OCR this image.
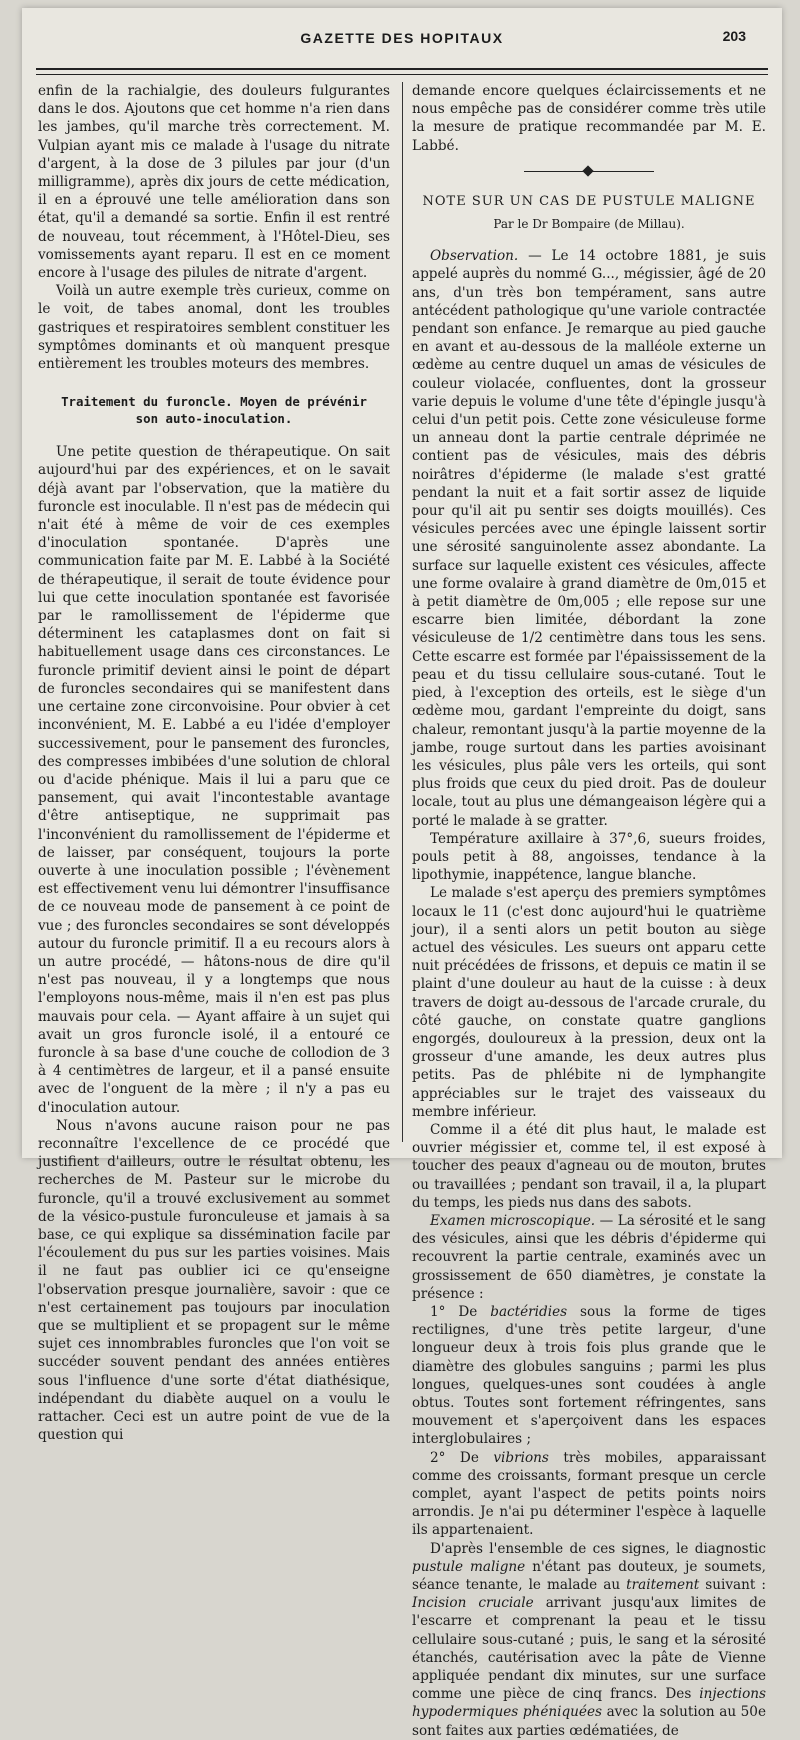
GAZETTE DES HOPITAUX	203

enfin de la rachialgie, des douleurs fulgurantes dans le dos. Ajoutons que cet homme n'a rien dans les jambes, qu'il marche très correctement. M. Vulpian ayant mis ce malade à l'usage du nitrate d'argent, à la dose de 3 pilules par jour (d'un milligramme), après dix jours de cette médication, il en a éprouvé une telle amélioration dans son état, qu'il a demandé sa sortie. Enfin il est rentré de nouveau, tout récemment, à l'Hôtel-Dieu, ses vomissements ayant reparu. Il est en ce moment encore à l'usage des pilules de nitrate d'argent.

Voilà un autre exemple très curieux, comme on le voit, de tabes anomal, dont les troubles gastriques et respiratoires semblent constituer les symptômes dominants et où manquent presque entièrement les troubles moteurs des membres.

Traitement du furoncle. Moyen de prévénir
son auto-inoculation.

Une petite question de thérapeutique. On sait aujourd'hui par des expériences, et on le savait déjà avant par l'observation, que la matière du furoncle est inoculable. Il n'est pas de médecin qui n'ait été à même de voir de ces exemples d'inoculation spontanée. D'après une communication faite par M. E. Labbé à la Société de thérapeutique, il serait de toute évidence pour lui que cette inoculation spontanée est favorisée par le ramollissement de l'épiderme que déterminent les cataplasmes dont on fait si habituellement usage dans ces circonstances. Le furoncle primitif devient ainsi le point de départ de furoncles secondaires qui se manifestent dans une certaine zone circonvoisine. Pour obvier à cet inconvénient, M. E. Labbé a eu l'idée d'employer successivement, pour le pansement des furoncles, des compresses imbibées d'une solution de chloral ou d'acide phénique. Mais il lui a paru que ce pansement, qui avait l'incontestable avantage d'être antiseptique, ne supprimait pas l'inconvénient du ramollissement de l'épiderme et de laisser, par conséquent, toujours la porte ouverte à une inoculation possible ; l'évènement est effectivement venu lui démontrer l'insuffisance de ce nouveau mode de pansement à ce point de vue ; des furoncles secondaires se sont développés autour du furoncle primitif. Il a eu recours alors à un autre procédé, — hâtons-nous de dire qu'il n'est pas nouveau, il y a longtemps que nous l'employons nous-même, mais il n'en est pas plus mauvais pour cela. — Ayant affaire à un sujet qui avait un gros furoncle isolé, il a entouré ce furoncle à sa base d'une couche de collodion de 3 à 4 centimètres de largeur, et il a pansé ensuite avec de l'onguent de la mère ; il n'y a pas eu d'inoculation autour.

Nous n'avons aucune raison pour ne pas reconnaître l'excellence de ce procédé que justifient d'ailleurs, outre le résultat obtenu, les recherches de M. Pasteur sur le microbe du furoncle, qu'il a trouvé exclusivement au sommet de la vésico-pustule furonculeuse et jamais à sa base, ce qui explique sa dissémination facile par l'écoulement du pus sur les parties voisines. Mais il ne faut pas oublier ici ce qu'enseigne l'observation presque journalière, savoir : que ce n'est certainement pas toujours par inoculation que se multiplient et se propagent sur le même sujet ces innombrables furoncles que l'on voit se succéder souvent pendant des années entières sous l'influence d'une sorte d'état diathésique, indépendant du diabète auquel on a voulu le rattacher. Ceci est un autre point de vue de la question qui

demande encore quelques éclaircissements et ne nous empêche pas de considérer comme très utile la mesure de pratique recommandée par M. E. Labbé.

NOTE SUR UN CAS DE PUSTULE MALIGNE
Par le Dr Bompaire (de Millau).

Observation. — Le 14 octobre 1881, je suis appelé auprès du nommé G..., mégissier, âgé de 20 ans, d'un très bon tempérament, sans autre antécédent pathologique qu'une variole contractée pendant son enfance. Je remarque au pied gauche en avant et au-dessous de la malléole externe un œdème au centre duquel un amas de vésicules de couleur violacée, confluentes, dont la grosseur varie depuis le volume d'une tête d'épingle jusqu'à celui d'un petit pois. Cette zone vésiculeuse forme un anneau dont la partie centrale déprimée ne contient pas de vésicules, mais des débris noirâtres d'épiderme (le malade s'est gratté pendant la nuit et a fait sortir assez de liquide pour qu'il ait pu sentir ses doigts mouillés). Ces vésicules percées avec une épingle laissent sortir une sérosité sanguinolente assez abondante. La surface sur laquelle existent ces vésicules, affecte une forme ovalaire à grand diamètre de 0m,015 et à petit diamètre de 0m,005 ; elle repose sur une escarre bien limitée, débordant la zone vésiculeuse de 1/2 centimètre dans tous les sens. Cette escarre est formée par l'épaississement de la peau et du tissu cellulaire sous-cutané. Tout le pied, à l'exception des orteils, est le siège d'un œdème mou, gardant l'empreinte du doigt, sans chaleur, remontant jusqu'à la partie moyenne de la jambe, rouge surtout dans les parties avoisinant les vésicules, plus pâle vers les orteils, qui sont plus froids que ceux du pied droit. Pas de douleur locale, tout au plus une démangeaison légère qui a porté le malade à se gratter.

Température axillaire à 37°,6, sueurs froides, pouls petit à 88, angoisses, tendance à la lipothymie, inappétence, langue blanche.

Le malade s'est aperçu des premiers symptômes locaux le 11 (c'est donc aujourd'hui le quatrième jour), il a senti alors un petit bouton au siège actuel des vésicules. Les sueurs ont apparu cette nuit précédées de frissons, et depuis ce matin il se plaint d'une douleur au haut de la cuisse : à deux travers de doigt au-dessous de l'arcade crurale, du côté gauche, on constate quatre ganglions engorgés, douloureux à la pression, deux ont la grosseur d'une amande, les deux autres plus petits. Pas de phlébite ni de lymphangite appréciables sur le trajet des vaisseaux du membre inférieur.

Comme il a été dit plus haut, le malade est ouvrier mégissier et, comme tel, il est exposé à toucher des peaux d'agneau ou de mouton, brutes ou travaillées ; pendant son travail, il a, la plupart du temps, les pieds nus dans des sabots.

Examen microscopique. — La sérosité et le sang des vésicules, ainsi que les débris d'épiderme qui recouvrent la partie centrale, examinés avec un grossissement de 650 diamètres, je constate la présence :

1° De bactéridies sous la forme de tiges rectilignes, d'une très petite largeur, d'une longueur deux à trois fois plus grande que le diamètre des globules sanguins ; parmi les plus longues, quelques-unes sont coudées à angle obtus. Toutes sont fortement réfringentes, sans mouvement et s'aperçoivent dans les espaces interglobulaires ;

2° De vibrions très mobiles, apparaissant comme des croissants, formant presque un cercle complet, ayant l'aspect de petits points noirs arrondis. Je n'ai pu déterminer l'espèce à laquelle ils appartenaient.

D'après l'ensemble de ces signes, le diagnostic pustule maligne n'étant pas douteux, je soumets, séance tenante, le malade au traitement suivant : Incision cruciale arrivant jusqu'aux limites de l'escarre et comprenant la peau et le tissu cellulaire sous-cutané ; puis, le sang et la sérosité étanchés, cautérisation avec la pâte de Vienne appliquée pendant dix minutes, sur une surface comme une pièce de cinq francs. Des injections hypodermiques phéniquées avec la solution au 50e sont faites aux parties œdématiées, de
